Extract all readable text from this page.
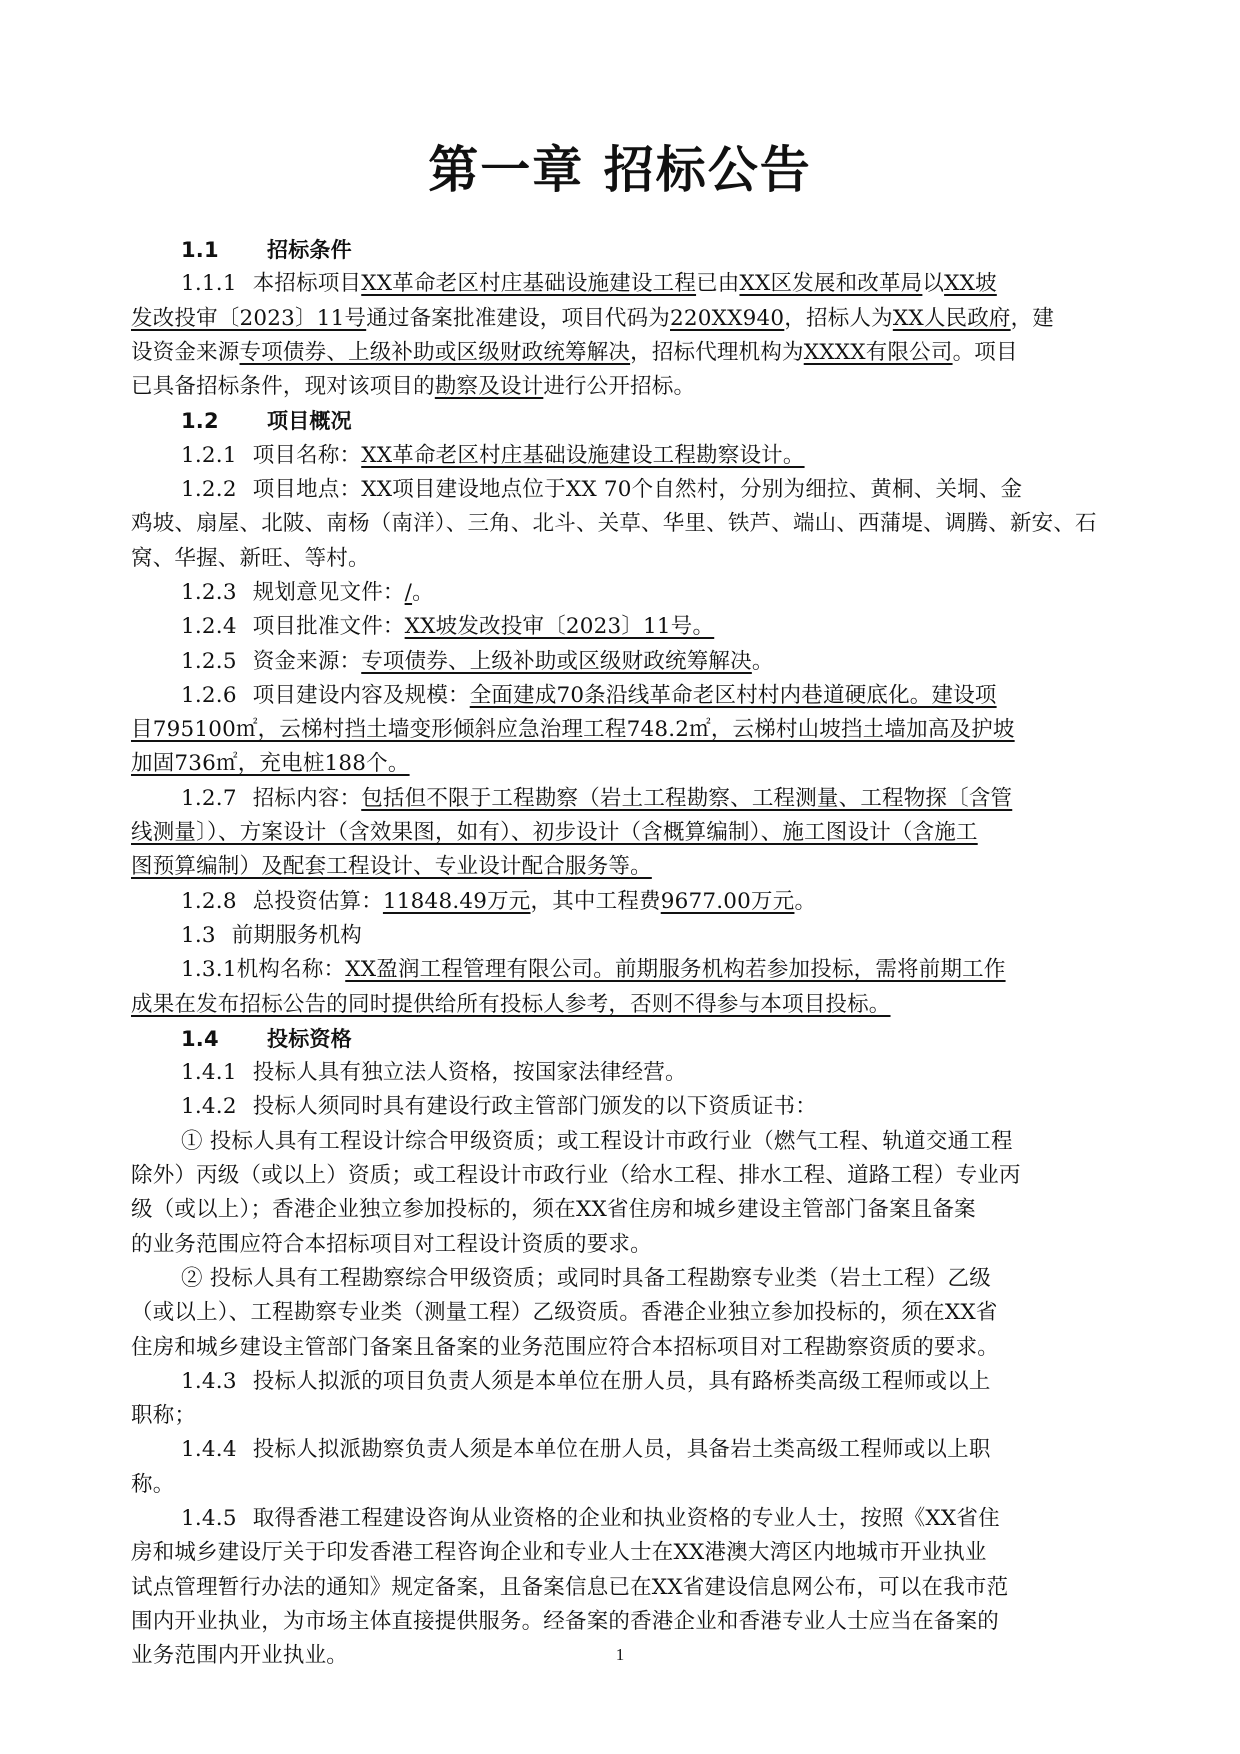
第一章 招标公告
1.1 招标条件
1.1.1 本招标项目XX革命老区村庄基础设施建设工程已由XX区发展和改革局以XX坡
发改投审〔2023〕11号通过备案批准建设，项目代码为220XX940，招标人为XX人民政府，建
设资金来源专项债券、上级补助或区级财政统筹解决，招标代理机构为XXXX有限公司。项目
已具备招标条件，现对该项目的勘察及设计进行公开招标。
1.2 项目概况
1.2.1 项目名称：XX革命老区村庄基础设施建设工程勘察设计。
1.2.2 项目地点：XX项目建设地点位于XX 70个自然村，分别为细拉、黄桐、关垌、金
鸡坡、扇屋、北陂、南杨（南洋）、三角、北斗、关草、华里、铁芦、端山、西蒲堤、调腾、新安、石
窝、华握、新旺、等村。
1.2.3 规划意见文件：/。
1.2.4 项目批准文件：XX坡发改投审〔2023〕11号。
1.2.5 资金来源：专项债券、上级补助或区级财政统筹解决。
1.2.6 项目建设内容及规模：全面建成70条沿线革命老区村村内巷道硬底化。建设项
目795100㎡，云梯村挡土墙变形倾斜应急治理工程748.2㎡，云梯村山坡挡土墙加高及护坡
加固736㎡，充电桩188个。
1.2.7 招标内容：包括但不限于工程勘察（岩土工程勘察、工程测量、工程物探〔含管
线测量〕）、方案设计（含效果图，如有）、初步设计（含概算编制）、施工图设计（含施工
图预算编制）及配套工程设计、专业设计配合服务等。
1.2.8 总投资估算：11848.49万元，其中工程费9677.00万元。
1.3 前期服务机构
1.3.1机构名称：XX盈润工程管理有限公司。前期服务机构若参加投标，需将前期工作
成果在发布招标公告的同时提供给所有投标人参考，否则不得参与本项目投标。
1.4 投标资格
1.4.1 投标人具有独立法人资格，按国家法律经营。
1.4.2 投标人须同时具有建设行政主管部门颁发的以下资质证书：
① 投标人具有工程设计综合甲级资质；或工程设计市政行业（燃气工程、轨道交通工程
除外）丙级（或以上）资质；或工程设计市政行业（给水工程、排水工程、道路工程）专业丙
级（或以上）；香港企业独立参加投标的，须在XX省住房和城乡建设主管部门备案且备案
的业务范围应符合本招标项目对工程设计资质的要求。
② 投标人具有工程勘察综合甲级资质；或同时具备工程勘察专业类（岩土工程）乙级
（或以上）、工程勘察专业类（测量工程）乙级资质。香港企业独立参加投标的，须在XX省
住房和城乡建设主管部门备案且备案的业务范围应符合本招标项目对工程勘察资质的要求。
1.4.3 投标人拟派的项目负责人须是本单位在册人员，具有路桥类高级工程师或以上
职称；
1.4.4 投标人拟派勘察负责人须是本单位在册人员，具备岩土类高级工程师或以上职
称。
1.4.5 取得香港工程建设咨询从业资格的企业和执业资格的专业人士，按照《XX省住
房和城乡建设厅关于印发香港工程咨询企业和专业人士在XX港澳大湾区内地城市开业执业
试点管理暂行办法的通知》规定备案，且备案信息已在XX省建设信息网公布，可以在我市范
围内开业执业，为市场主体直接提供服务。经备案的香港企业和香港专业人士应当在备案的
业务范围内开业执业。	1
